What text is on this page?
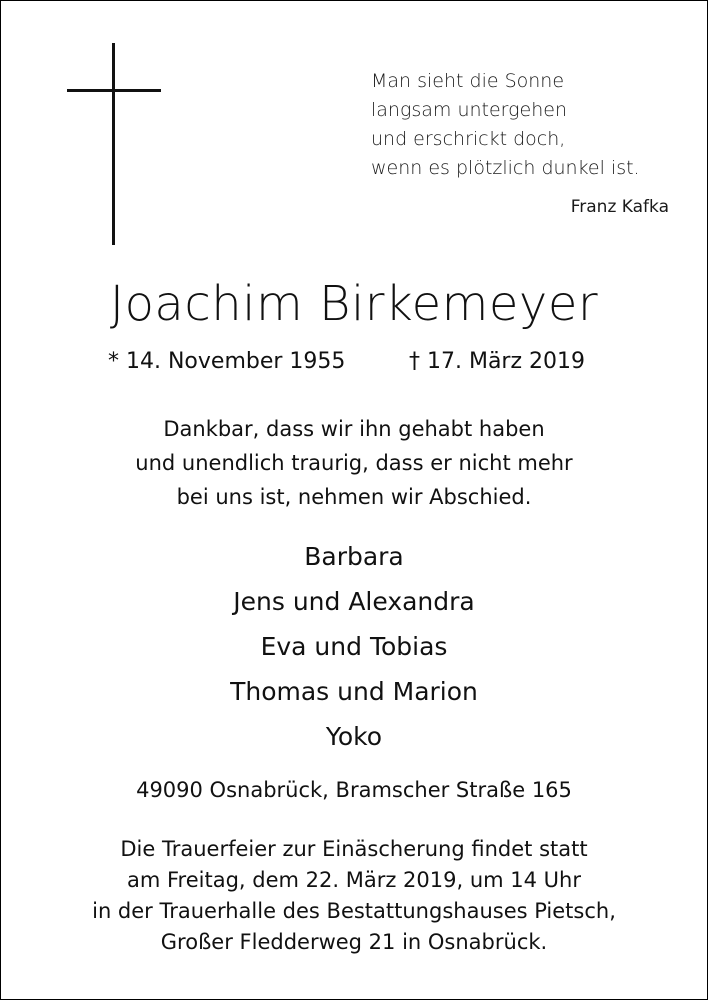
Man sieht die Sonne
langsam untergehen
und erschrickt doch,
wenn es plötzlich dunkel ist.
Franz Kafka
Joachim Birkemeyer
* 14. November 1955	† 17. März 2019
Dankbar, dass wir ihn gehabt haben
und unendlich traurig, dass er nicht mehr
bei uns ist, nehmen wir Abschied.
Barbara
Jens und Alexandra
Eva und Tobias
Thomas und Marion
Yoko
49090 Osnabrück, Bramscher Straße 165
Die Trauerfeier zur Einäscherung findet statt
am Freitag, dem 22. März 2019, um 14 Uhr
in der Trauerhalle des Bestattungshauses Pietsch,
Großer Fledderweg 21 in Osnabrück.
